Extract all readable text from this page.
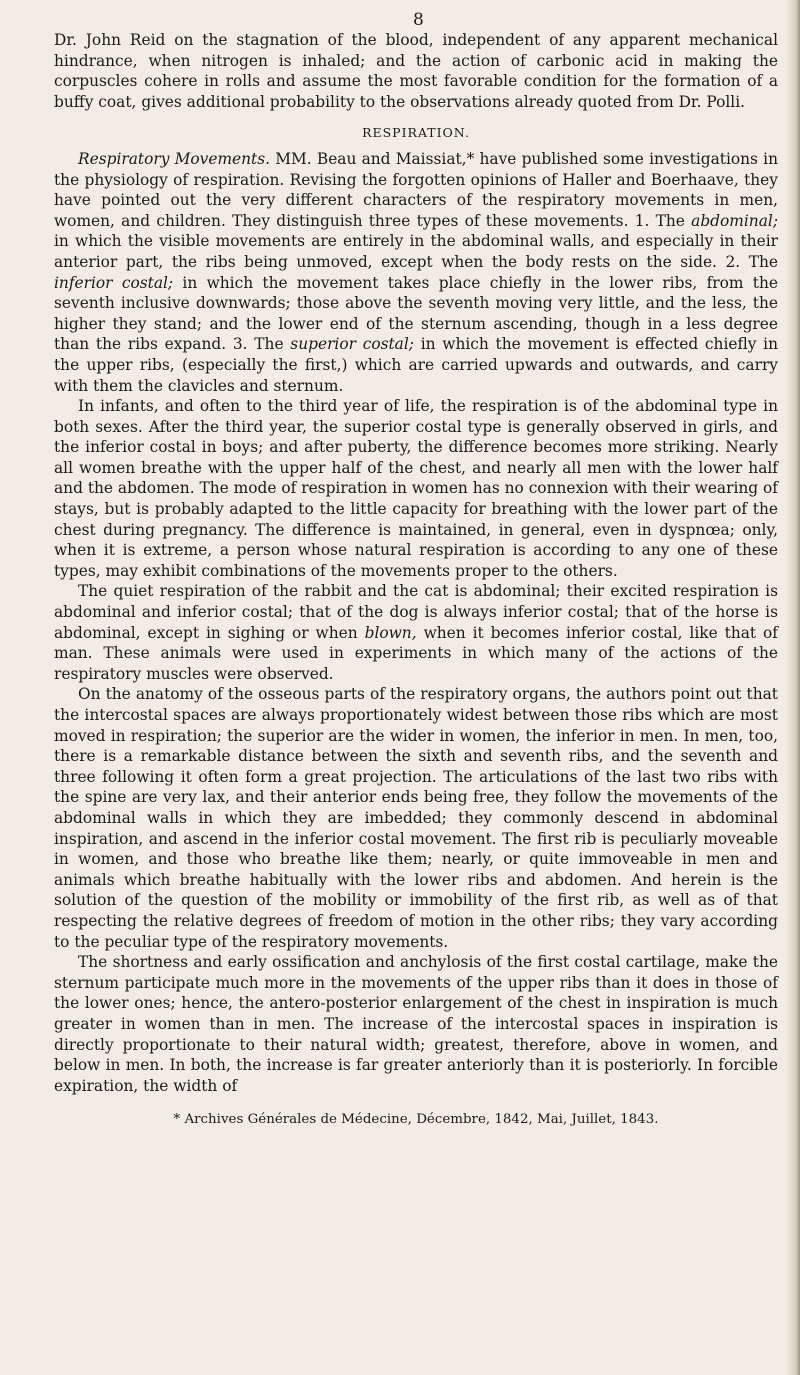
8

Dr. John Reid on the stagnation of the blood, independent of any apparent mechanical hindrance, when nitrogen is inhaled; and the action of carbonic acid in making the corpuscles cohere in rolls and assume the most favorable condition for the formation of a buffy coat, gives additional probability to the observations already quoted from Dr. Polli.

RESPIRATION.

Respiratory Movements. MM. Beau and Maissiat,* have published some investigations in the physiology of respiration. Revising the forgotten opinions of Haller and Boerhaave, they have pointed out the very different characters of the respiratory movements in men, women, and children. They distinguish three types of these movements. 1. The abdominal; in which the visible movements are entirely in the abdominal walls, and especially in their anterior part, the ribs being unmoved, except when the body rests on the side. 2. The inferior costal; in which the movement takes place chiefly in the lower ribs, from the seventh inclusive downwards; those above the seventh moving very little, and the less, the higher they stand; and the lower end of the sternum ascending, though in a less degree than the ribs expand. 3. The superior costal; in which the movement is effected chiefly in the upper ribs, (especially the first,) which are carried upwards and outwards, and carry with them the clavicles and sternum.

In infants, and often to the third year of life, the respiration is of the abdominal type in both sexes. After the third year, the superior costal type is generally observed in girls, and the inferior costal in boys; and after puberty, the difference becomes more striking. Nearly all women breathe with the upper half of the chest, and nearly all men with the lower half and the abdomen. The mode of respiration in women has no connexion with their wearing of stays, but is probably adapted to the little capacity for breathing with the lower part of the chest during pregnancy. The difference is maintained, in general, even in dyspnœa; only, when it is extreme, a person whose natural respiration is according to any one of these types, may exhibit combinations of the movements proper to the others.

The quiet respiration of the rabbit and the cat is abdominal; their excited respiration is abdominal and inferior costal; that of the dog is always inferior costal; that of the horse is abdominal, except in sighing or when blown, when it becomes inferior costal, like that of man. These animals were used in experiments in which many of the actions of the respiratory muscles were observed.

On the anatomy of the osseous parts of the respiratory organs, the authors point out that the intercostal spaces are always proportionately widest between those ribs which are most moved in respiration; the superior are the wider in women, the inferior in men. In men, too, there is a remarkable distance between the sixth and seventh ribs, and the seventh and three following it often form a great projection. The articulations of the last two ribs with the spine are very lax, and their anterior ends being free, they follow the movements of the abdominal walls in which they are imbedded; they commonly descend in abdominal inspiration, and ascend in the inferior costal movement. The first rib is peculiarly moveable in women, and those who breathe like them; nearly, or quite immoveable in men and animals which breathe habitually with the lower ribs and abdomen. And herein is the solution of the question of the mobility or immobility of the first rib, as well as of that respecting the relative degrees of freedom of motion in the other ribs; they vary according to the peculiar type of the respiratory movements.

The shortness and early ossification and anchylosis of the first costal cartilage, make the sternum participate much more in the movements of the upper ribs than it does in those of the lower ones; hence, the antero-posterior enlargement of the chest in inspiration is much greater in women than in men. The increase of the intercostal spaces in inspiration is directly proportionate to their natural width; greatest, therefore, above in women, and below in men. In both, the increase is far greater anteriorly than it is posteriorly. In forcible expiration, the width of

* Archives Générales de Médecine, Décembre, 1842, Mai, Juillet, 1843.
